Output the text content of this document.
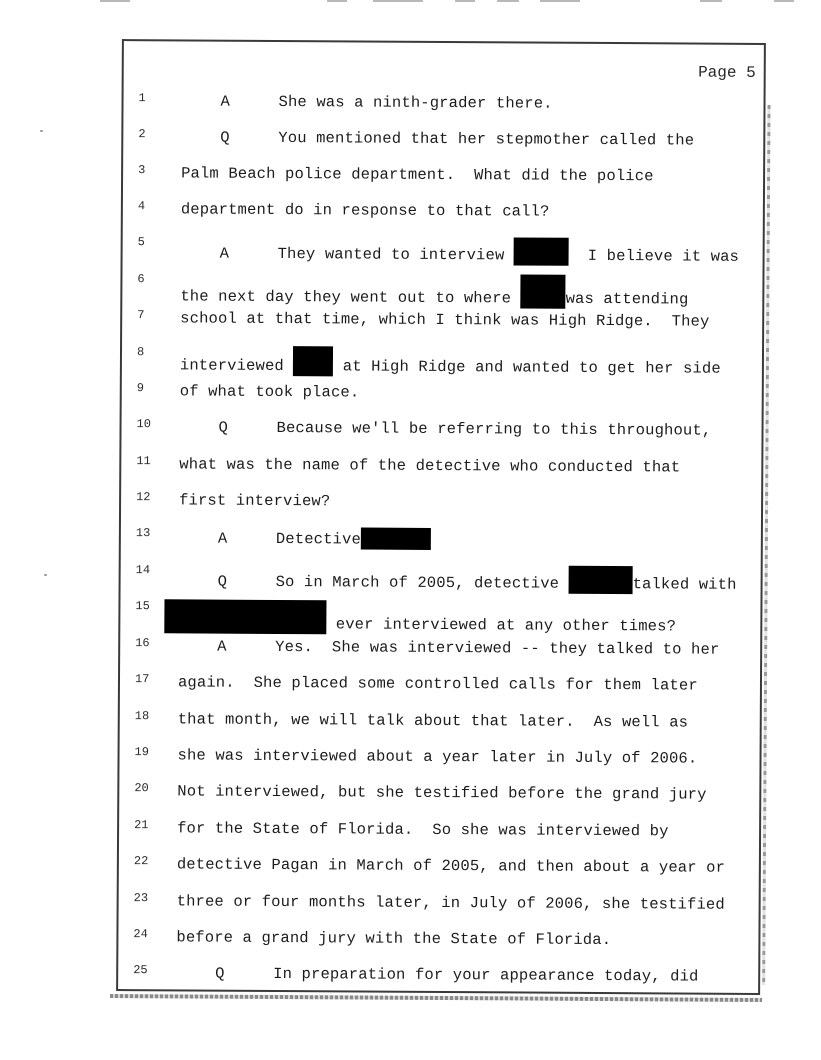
Page 5
1	A	She was a ninth-grader there.
2	Q	You mentioned that her stepmother called the
3	Palm Beach police department.  What did the police
4	department do in response to that call?
5
A	They wanted to interview	I believe it was
6
the next day they went out to where	was attending
7	school at that time, which I think was High Ridge.  They
8
interviewed	at High Ridge and wanted to get her side
9	of what took place.
10	Q	Because we'll be referring to this throughout,
11	what was the name of the detective who conducted that
12	first interview?
13	A	Detective
14
Q	So in March of 2005, detective	talked with
15
ever interviewed at any other times?
16	A	Yes.  She was interviewed -- they talked to her
17	again.  She placed some controlled calls for them later
18	that month, we will talk about that later.  As well as
19	she was interviewed about a year later in July of 2006.
20	Not interviewed, but she testified before the grand jury
21	for the State of Florida.  So she was interviewed by
22	detective Pagan in March of 2005, and then about a year or
23	three or four months later, in July of 2006, she testified
24	before a grand jury with the State of Florida.
25	Q	In preparation for your appearance today, did
